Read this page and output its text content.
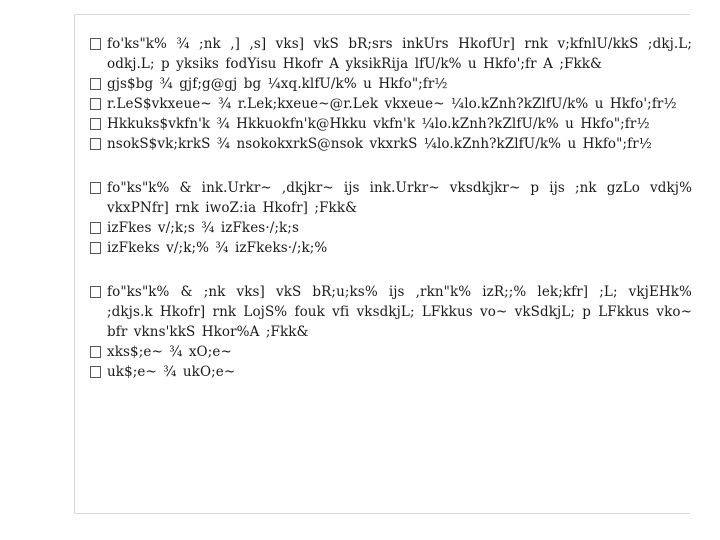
fo'ks"k% ¾ ;nk ,] ,s] vks] vkS bR;srs inkUrs HkofUr] rnk v;kfnlU/kkS ;dkj.L; odkj.L; p yksiks fodYisu Hkofr A yksikRija lfU/k% u Hkfo';fr A ;Fkk&
gjs$bg ¾ gjf;g@gj bg ¼xq.klfU/k% u Hkfo";fr½
r.LeS$vkxeue~ ¾ r.Lek;kxeue~@r.Lek vkxeue~ ¼lo.kZnh?kZlfU/k% u Hkfo';fr½
Hkkuks$vkfn'k ¾ Hkkuokfn'k@Hkku vkfn'k ¼lo.kZnh?kZlfU/k% u Hkfo";fr½
nsokS$vk;krkS ¾ nsokokxrkS@nsok vkxrkS ¼lo.kZnh?kZlfU/k% u Hkfo";fr½
fo"ks"k% & ink.Urkr~ ,dkjkr~ ijs ink.Urkr~ vksdkjkr~ p ijs ;nk gzLo vdkj% vkxPNfr] rnk iwoZ:ia Hkofr] ;Fkk&
izFkes v/;k;s ¾ izFkes·/;k;s
izFkeks v/;k;% ¾ izFkeks·/;k;%
fo"ks"k% & ;nk vks] vkS bR;u;ks% ijs ,rkn"k% izR;;% lek;kfr] ;L; vkjEHk% ;dkjs.k Hkofr] rnk LojS% fouk vfi vksdkjL; LFkkus vo~ vkSdkjL; p LFkkus vko~ bfr vkns'kkS Hkor%A ;Fkk&
xks$;e~ ¾ xO;e~
uk$;e~ ¾ ukO;e~
